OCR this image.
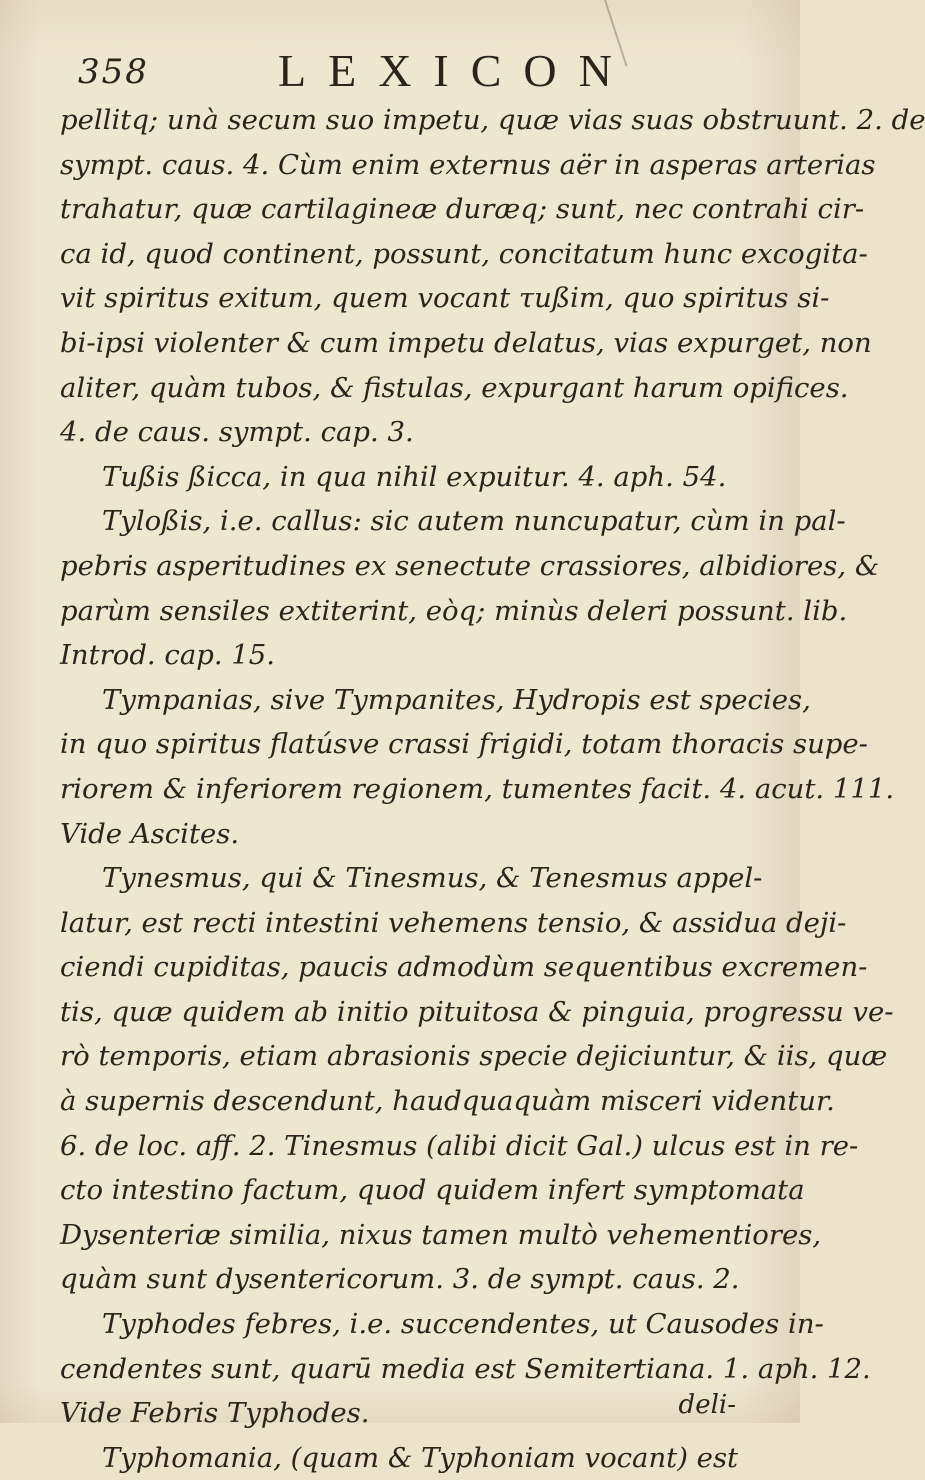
358	LEXICON
pellitq; unà secum suo impetu, quæ vias suas obstruunt. 2. de
sympt. caus. 4. Cùm enim externus aër in asperas arterias
trahatur, quæ cartilagineæ duræq; sunt, nec contrahi cir-
ca id, quod continent, possunt, concitatum hunc excogita-
vit spiritus exitum, quem vocant τußim, quo spiritus si-
bi-ipsi violenter & cum impetu delatus, vias expurget, non
aliter, quàm tubos, & fistulas, expurgant harum opifices.
4. de caus. sympt. cap. 3.
Tußis ßicca, in qua nihil expuitur. 4. aph. 54.
Tyloßis, i.e. callus: sic autem nuncupatur, cùm in pal-
pebris asperitudines ex senectute crassiores, albidiores, &
parùm sensiles extiterint, eòq; minùs deleri possunt. lib.
Introd. cap. 15.
Tympanias, sive Tympanites, Hydropis est species,
in quo spiritus flatúsve crassi frigidi, totam thoracis supe-
riorem & inferiorem regionem, tumentes facit. 4. acut. 111.
Vide Ascites.
Tynesmus, qui & Tinesmus, & Tenesmus appel-
latur, est recti intestini vehemens tensio, & assidua deji-
ciendi cupiditas, paucis admodùm sequentibus excremen-
tis, quæ quidem ab initio pituitosa & pinguia, progressu ve-
rò temporis, etiam abrasionis specie dejiciuntur, & iis, quæ
à supernis descendunt, haudquaquàm misceri videntur.
6. de loc. aff. 2. Tinesmus (alibi dicit Gal.) ulcus est in re-
cto intestino factum, quod quidem infert symptomata
Dysenteriæ similia, nixus tamen multò vehementiores,
quàm sunt dysentericorum. 3. de sympt. caus. 2.
Typhodes febres, i.e. succendentes, ut Causodes in-
cendentes sunt, quarū media est Semitertiana. 1. aph. 12.
Vide Febris Typhodes.
Typhomania, (quam & Typhoniam vocant) est
deli-
